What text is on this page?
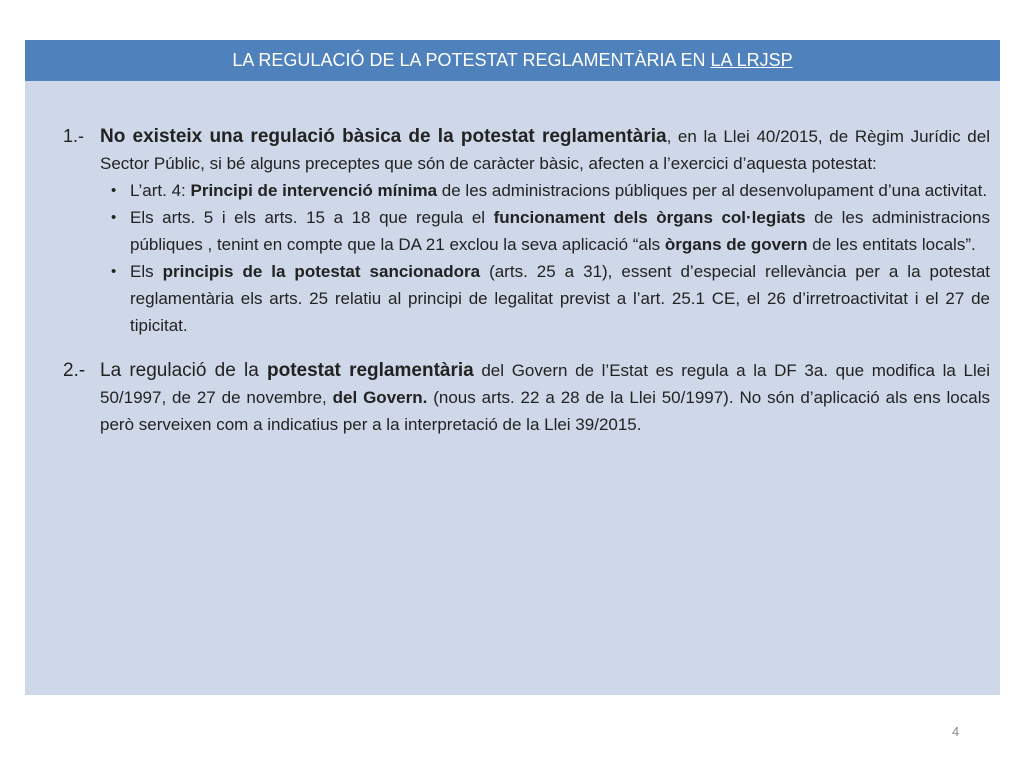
LA REGULACIÓ DE LA POTESTAT REGLAMENTÀRIA EN LA LRJSP
1.- No existeix una regulació bàsica de la potestat reglamentària, en la Llei 40/2015, de Règim Jurídic del Sector Públic, si bé alguns preceptes que són de caràcter bàsic, afecten a l’exercici d’aquesta potestat:
• L’art. 4: Principi de intervenció mínima de les administracions públiques per al desenvolupament d’una activitat.
• Els arts. 5 i els arts. 15 a 18 que regula el funcionament dels òrgans col·legiats de les administracions públiques , tenint en compte que la DA 21 exclou la seva aplicació “als òrgans de govern de les entitats locals”.
• Els principis de la potestat sancionadora (arts. 25 a 31), essent d’especial rellevància per a la potestat reglamentària els arts. 25 relatiu al principi de legalitat previst a l’art. 25.1 CE, el 26 d’irretroactivitat i el 27 de tipicitat.
2.- La regulació de la potestat reglamentària del Govern de l’Estat es regula a la DF 3a. que modifica la Llei 50/1997, de 27 de novembre, del Govern. (nous arts. 22 a 28 de la Llei 50/1997). No són d’aplicació als ens locals però serveixen com a indicatius per a la interpretació de la Llei 39/2015.
4
